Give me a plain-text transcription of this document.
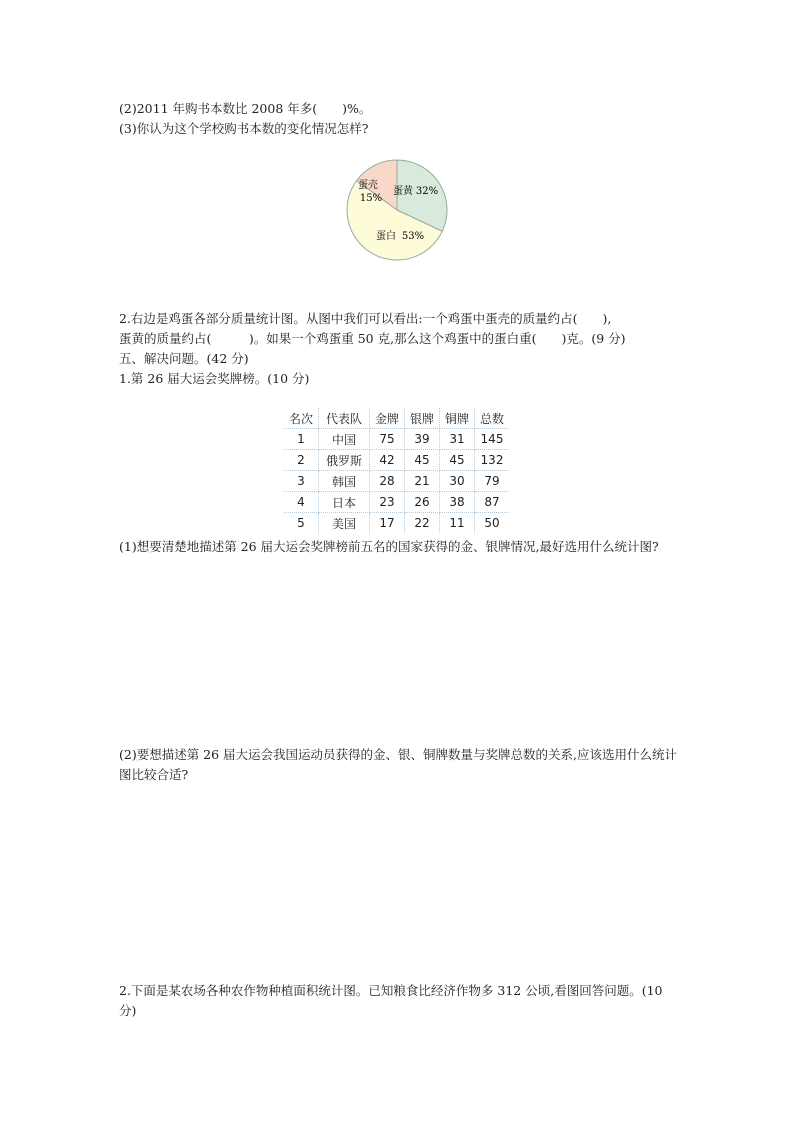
(2)2011 年购书本数比 2008 年多(　　)%。
(3)你认为这个学校购书本数的变化情况怎样?
蛋壳
15%
蛋黄 32%
蛋白 53%
2.右边是鸡蛋各部分质量统计图。从图中我们可以看出:一个鸡蛋中蛋壳的质量约占(　　),
蛋黄的质量约占(　　　)。如果一个鸡蛋重 50 克,那么这个鸡蛋中的蛋白重(　　)克。(9 分)
五、解决问题。(42 分)
1.第 26 届大运会奖牌榜。(10 分)
名次	代表队	金牌	银牌	铜牌	总数
1	中国	75	39	31	145
2	俄罗斯	42	45	45	132
3	韩国	28	21	30	79
4	日本	23	26	38	87
5	美国	17	22	11	50
(1)想要清楚地描述第 26 届大运会奖牌榜前五名的国家获得的金、银牌情况,最好选用什么统计图?
(2)要想描述第 26 届大运会我国运动员获得的金、银、铜牌数量与奖牌总数的关系,应该选用什么统计图比较合适?
2.下面是某农场各种农作物种植面积统计图。已知粮食比经济作物多 312 公顷,看图回答问题。(10 分)
